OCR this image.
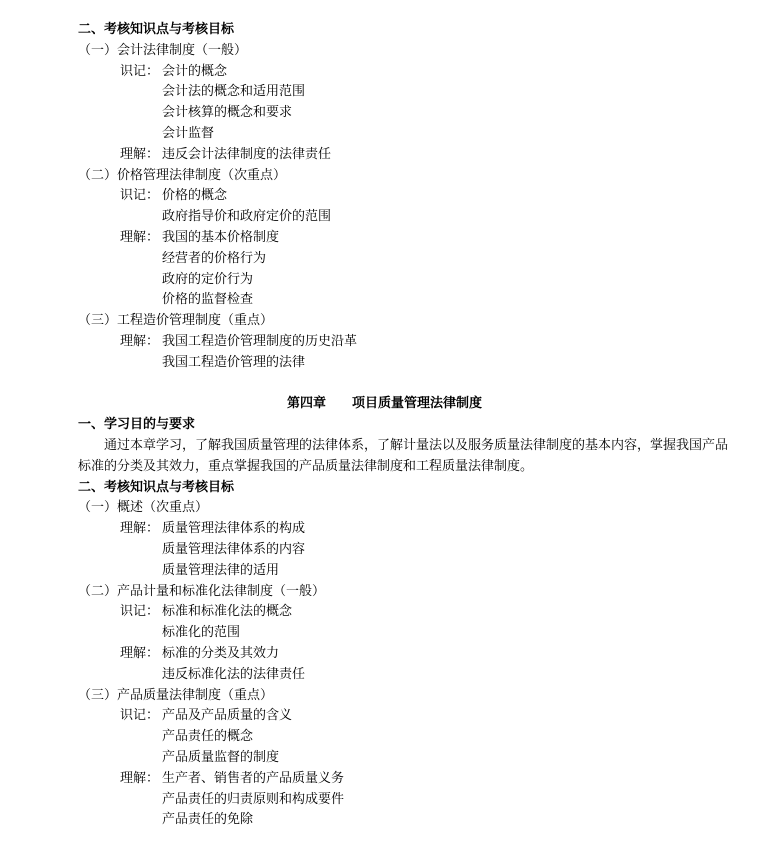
二、考核知识点与考核目标
（一）会计法律制度（一般）
识记： 会计的概念
会计法的概念和适用范围
会计核算的概念和要求
会计监督
理解： 违反会计法律制度的法律责任
（二）价格管理法律制度（次重点）
识记： 价格的概念
政府指导价和政府定价的范围
理解： 我国的基本价格制度
经营者的价格行为
政府的定价行为
价格的监督检查
（三）工程造价管理制度（重点）
理解： 我国工程造价管理制度的历史沿革
我国工程造价管理的法律
第四章　　项目质量管理法律制度
一、学习目的与要求
通过本章学习，了解我国质量管理的法律体系，了解计量法以及服务质量法律制度的基本内容，掌握我国产品
标准的分类及其效力，重点掌握我国的产品质量法律制度和工程质量法律制度。
二、考核知识点与考核目标
（一）概述（次重点）
理解： 质量管理法律体系的构成
质量管理法律体系的内容
质量管理法律的适用
（二）产品计量和标准化法律制度（一般）
识记： 标准和标准化法的概念
标准化的范围
理解： 标准的分类及其效力
违反标准化法的法律责任
（三）产品质量法律制度（重点）
识记： 产品及产品质量的含义
产品责任的概念
产品质量监督的制度
理解： 生产者、销售者的产品质量义务
产品责任的归责原则和构成要件
产品责任的免除
